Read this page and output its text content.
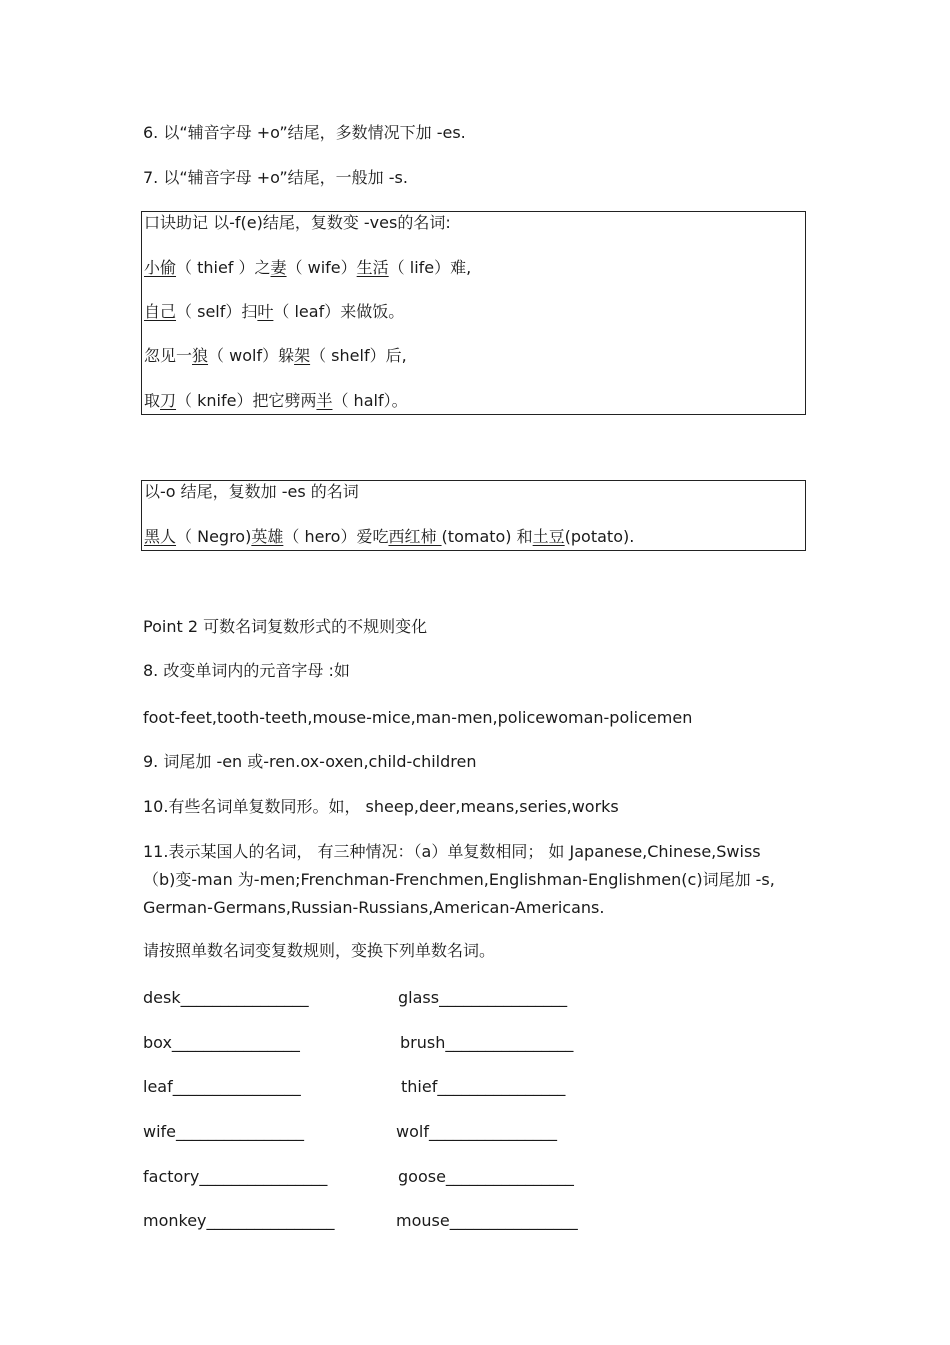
6. 以“辅音字母 +o”结尾，多数情况下加 -es.
7. 以“辅音字母 +o”结尾，一般加 -s.
口诀助记 以-f(e)结尾，复数变 -ves的名词:
小偷（ thief ）之妻（ wife）生活（ life）难,
自己（ self）扫叶（ leaf）来做饭。
忽见一狼（ wolf）躲架（ shelf）后,
取刀（ knife）把它劈两半（ half）。
以-o 结尾，复数加 -es 的名词
黑人（ Negro)英雄（ hero）爱吃西红柿 (tomato) 和土豆(potato).
Point 2 可数名词复数形式的不规则变化
8. 改变单词内的元音字母 :如
foot-feet,tooth-teeth,mouse-mice,man-men,policewoman-policemen
9. 词尾加 -en 或-ren.ox-oxen,child-children
10.有些名词单复数同形。如， sheep,deer,means,series,works
11.表示某国人的名词， 有三种情况：（a）单复数相同； 如 Japanese,Chinese,Swiss
（b)变-man 为-men;Frenchman-Frenchmen,Englishman-Englishmen(c)词尾加 -s,
German-Germans,Russian-Russians,American-Americans.
请按照单数名词变复数规则，变换下列单数名词。
desk________________	glass________________
box________________	brush________________
leaf________________	thief________________
wife________________	wolf________________
factory________________	goose________________
monkey________________	mouse________________
